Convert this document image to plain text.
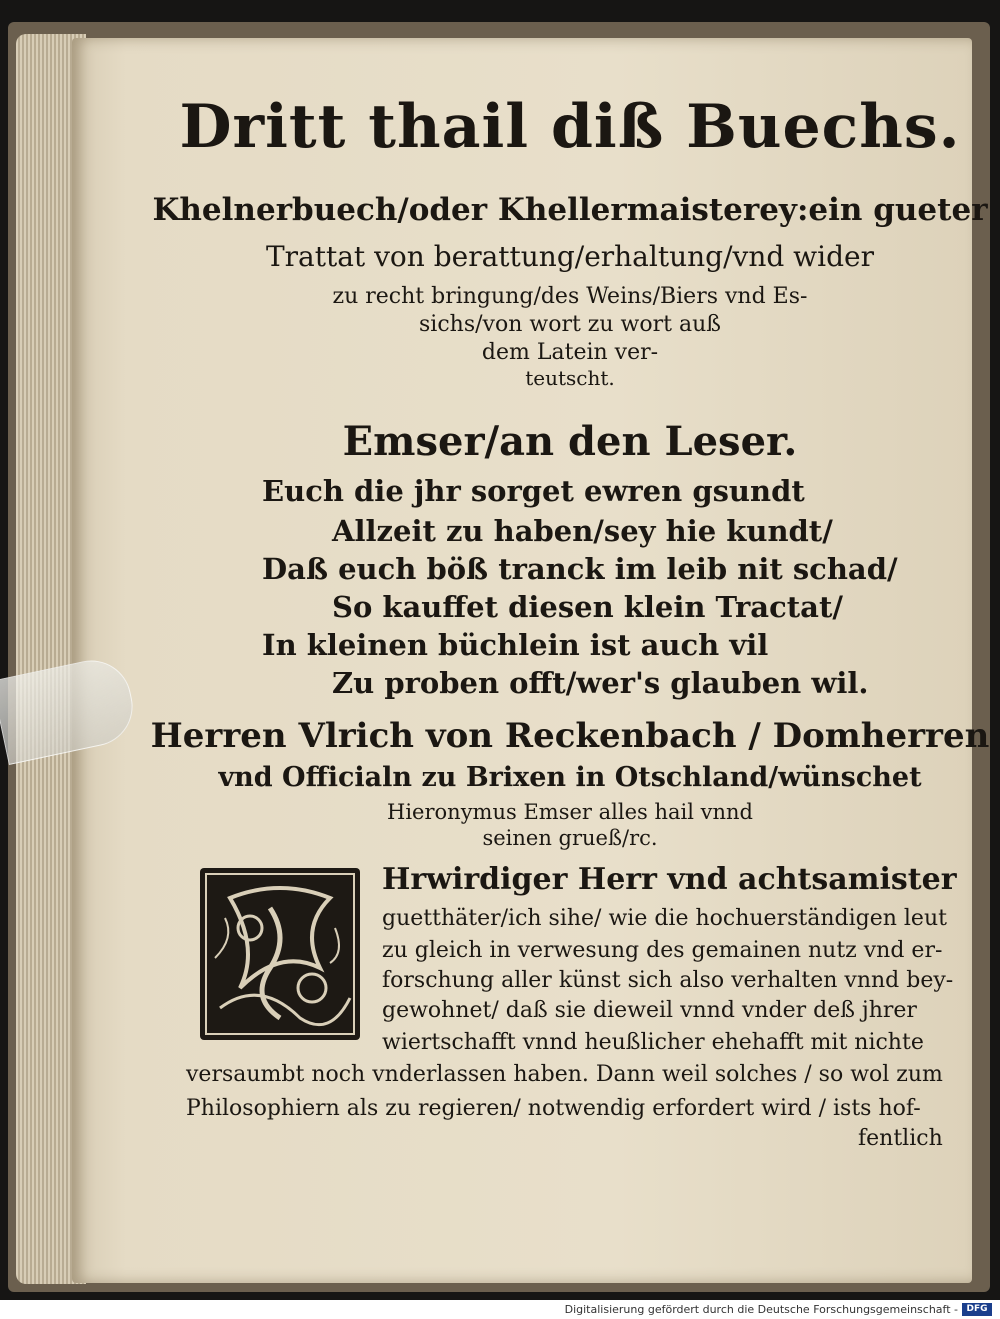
Dritt thail diß Buechs.
Khelnerbuech/oder Khellermaisterey:ein gueter
Trattat von berattung/erhaltung/vnd wider
zu recht bringung/des Weins/Biers vnd Es-
sichs/von wort zu wort auß
dem Latein ver-
teutscht.
Emser/an den Leser.
Euch die jhr sorget ewren gsundt
Allzeit zu haben/sey hie kundt/
Daß euch böß tranck im leib nit schad/
So kauffet diesen klein Tractat/
In kleinen büchlein ist auch vil
Zu proben offt/wer's glauben wil.
Herren Vlrich von Reckenbach / Domherren
vnd Officialn zu Brixen in Otschland/wünschet
Hieronymus Emser alles hail vnnd
seinen grueß/rc.
Hrwirdiger Herr vnd achtsamister
guetthäter/ich sihe/ wie die hochuerständigen leut
zu gleich in verwesung des gemainen nutz vnd er-
forschung aller künst sich also verhalten vnnd bey-
gewohnet/ daß sie dieweil vnnd vnder deß jhrer
wiertschafft vnnd heußlicher ehehafft mit nichte
versaumbt noch vnderlassen haben. Dann weil solches / so wol zum
Philosophiern als zu regieren/ notwendig erfordert wird / ists hof-
fentlich
Digitalisierung gefördert durch die Deutsche Forschungsgemeinschaft - DFG
